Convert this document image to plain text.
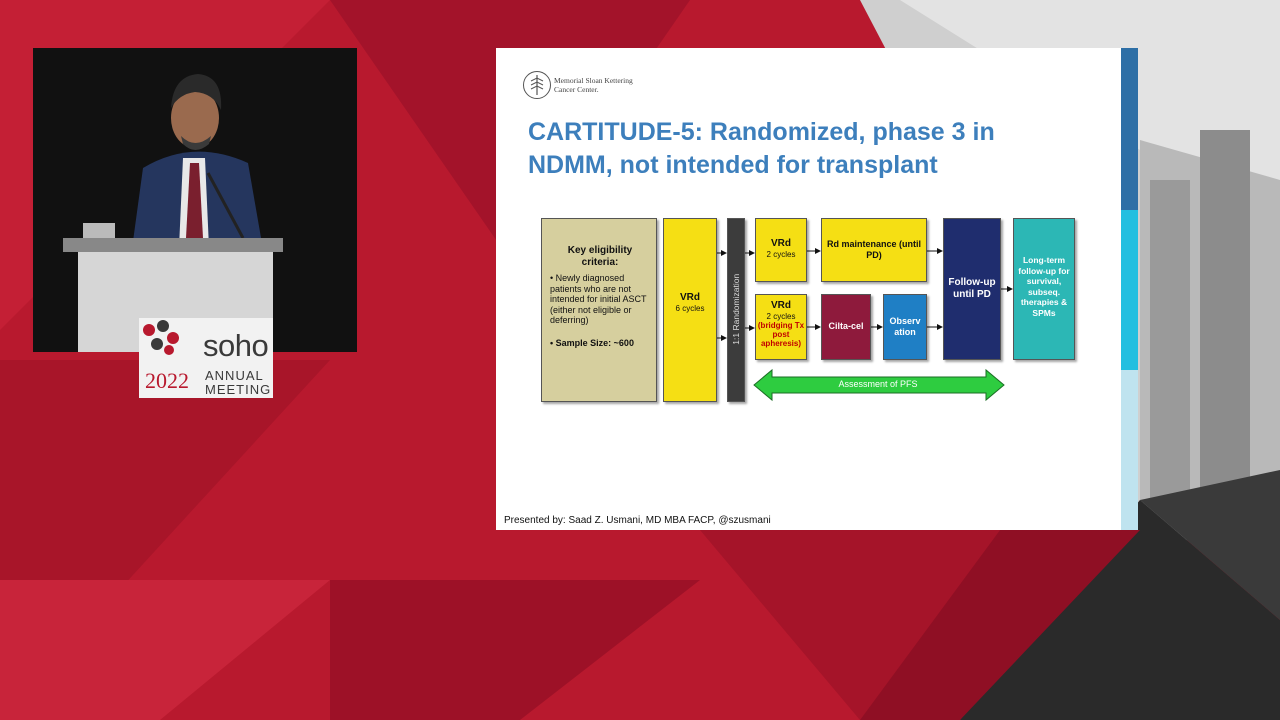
soho
2022 ANNUAL
MEETING
Memorial Sloan Kettering
Cancer Center.
CARTITUDE-5: Randomized, phase 3 in
NDMM, not intended for transplant
Key eligibility criteria:
• Newly diagnosed patients who are not intended for initial ASCT (either not eligible or deferring)
• Sample Size: ~600
VRd
6 cycles	1:1 Randomization
VRd
2 cycles
VRd
2 cycles
(bridging Tx post apheresis)
Rd maintenance (until PD)
Cilta-cel	Observ ation
Follow-up until PD
Long-term follow-up for survival, subseq. therapies & SPMs
Assessment of PFS
Presented by: Saad Z. Usmani, MD MBA FACP, @szusmani
